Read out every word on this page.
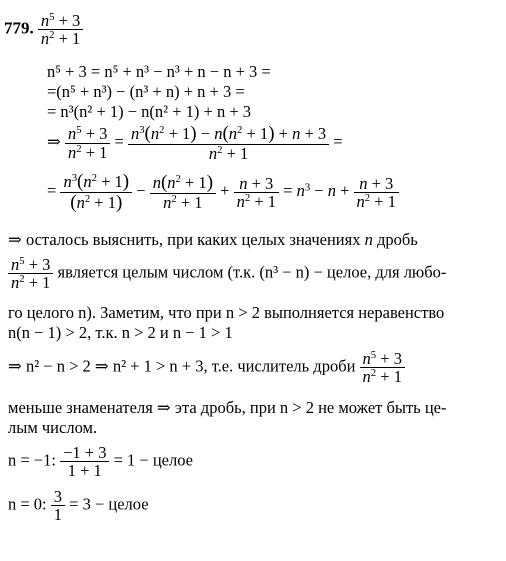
779. $\frac{n^5 + 3}{n^2 + 1}$
n⁵ + 3 = n⁵ + n³ − n³ + n − n + 3 =
=(n⁵ + n³) − (n³ + n) + n + 3 =
= n³(n² + 1) − n(n² + 1) + n + 3
⇒ $\frac{n^5 + 3}{n^2 + 1} = \frac{n^3(n^2 + 1) - n(n^2 + 1) + n + 3}{n^2 + 1}$ =
= $\frac{n^3(n^2 + 1)}{(n^2 + 1)} - \frac{n(n^2 + 1)}{n^2 + 1} + \frac{n + 3}{n^2 + 1} = n^3 - n + \frac{n + 3}{n^2 + 1}$
⇒ осталось выяснить, при каких целых значениях n дробь
$\frac{n^5 + 3}{n^2 + 1}$ является целым числом (т.к. (n³ − n) − целое, для любо-
го целого n). Заметим, что при n > 2 выполняется неравенство
n(n − 1) > 2, т.к. n > 2 и n − 1 > 1
⇒ n² − n > 2 ⇒ n² + 1 > n + 3, т.е. числитель дроби $\frac{n^5 + 3}{n^2 + 1}$
меньше знаменателя ⇒ эта дробь, при n > 2 не может быть це-
лым числом.
n = −1: $\frac{-1 + 3}{1 + 1} = 1$ − целое
n = 0: $\frac{3}{1} = 3$ − целое
